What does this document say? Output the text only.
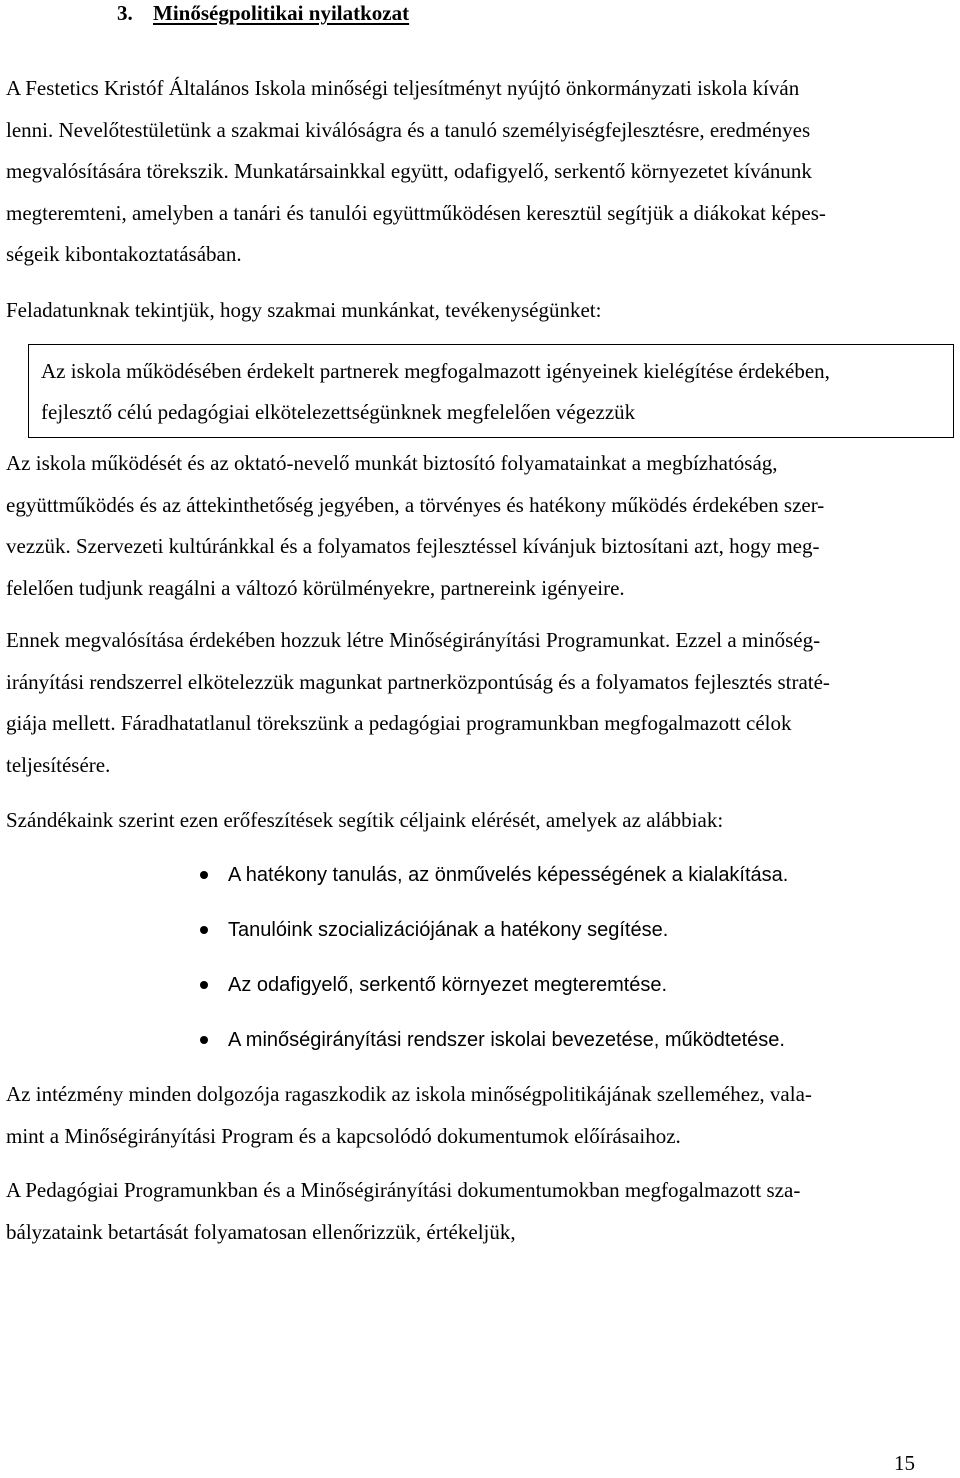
3. Minőségpolitikai nyilatkozat

A Festetics Kristóf Általános Iskola minőségi teljesítményt nyújtó önkormányzati iskola kíván
lenni. Nevelőtestületünk a szakmai kiválóságra és a tanuló személyiségfejlesztésre, eredményes
megvalósítására törekszik. Munkatársainkkal együtt, odafigyelő, serkentő környezetet kívánunk
megteremteni, amelyben a tanári és tanulói együttműködésen keresztül segítjük a diákokat képes-
ségeik kibontakoztatásában.

Feladatunknak tekintjük, hogy szakmai munkánkat, tevékenységünket:

Az iskola működésében érdekelt partnerek megfogalmazott igényeinek kielégítése érdekében,
fejlesztő célú pedagógiai elkötelezettségünknek megfelelően végezzük

Az iskola működését és az oktató-nevelő munkát biztosító folyamatainkat a megbízhatóság,
együttműködés és az áttekinthetőség jegyében, a törvényes és hatékony működés érdekében szer-
vezzük. Szervezeti kultúránkkal és a folyamatos fejlesztéssel kívánjuk biztosítani azt, hogy meg-
felelően tudjunk reagálni a változó körülményekre, partnereink igényeire.

Ennek megvalósítása érdekében hozzuk létre Minőségirányítási Programunkat. Ezzel a minőség-
irányítási rendszerrel elkötelezzük magunkat partnerközpontúság és a folyamatos fejlesztés straté-
giája mellett. Fáradhatatlanul törekszünk a pedagógiai programunkban megfogalmazott célok
teljesítésére.

Szándékaink szerint ezen erőfeszítések segítik céljaink elérését, amelyek az alábbiak:

A hatékony tanulás, az önművelés képességének a kialakítása.
Tanulóink szocializációjának a hatékony segítése.
Az odafigyelő, serkentő környezet megteremtése.
A minőségirányítási rendszer iskolai bevezetése, működtetése.

Az intézmény minden dolgozója ragaszkodik az iskola minőségpolitikájának szelleméhez, vala-
mint a Minőségirányítási Program és a kapcsolódó dokumentumok előírásaihoz.

A Pedagógiai Programunkban és a Minőségirányítási dokumentumokban megfogalmazott sza-
bályzataink betartását folyamatosan ellenőrizzük, értékeljük,

15
